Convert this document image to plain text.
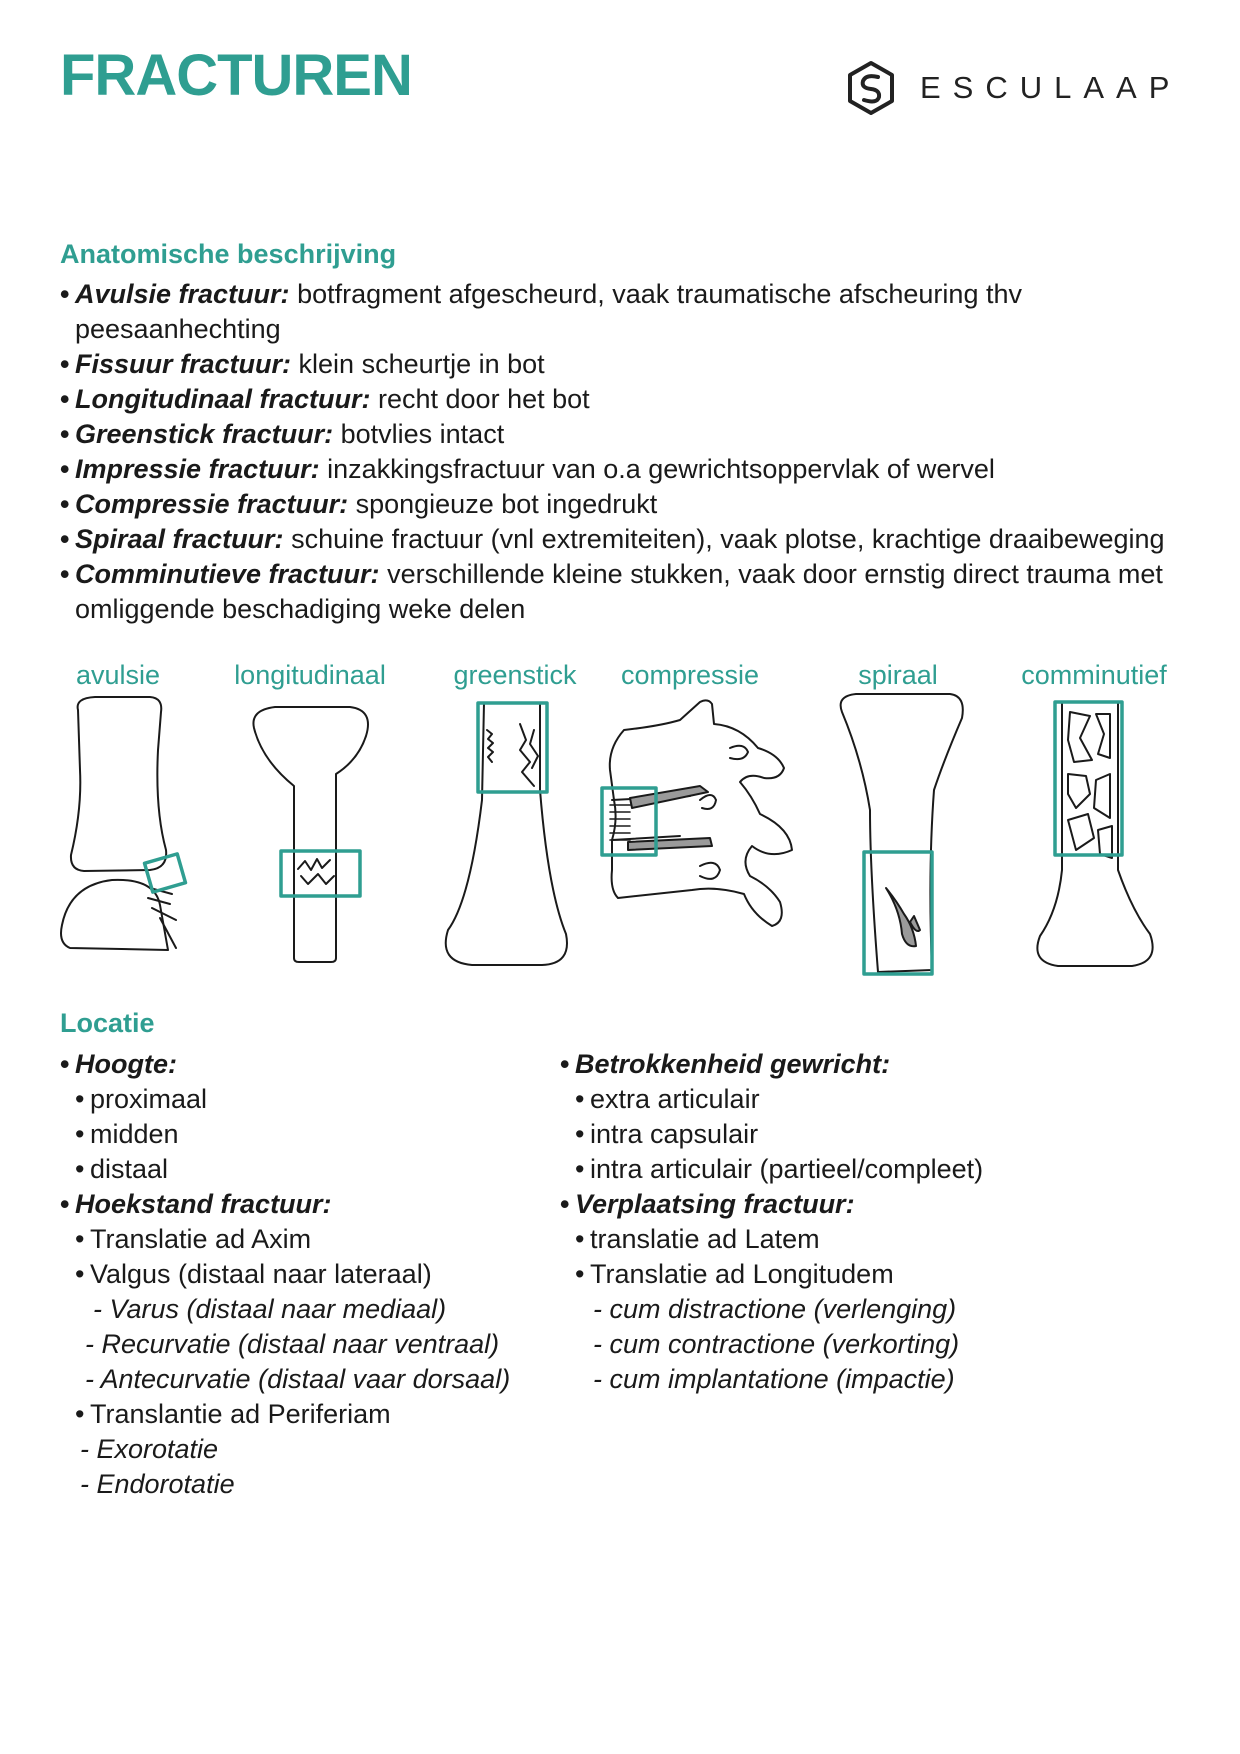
FRACTUREN	ESCULAAP
Anatomische beschrijving
• Avulsie fractuur: botfragment afgescheurd, vaak traumatische afscheuring thv peesaanhechting
• Fissuur fractuur: klein scheurtje in bot
• Longitudinaal fractuur: recht door het bot
• Greenstick fractuur: botvlies intact
• Impressie fractuur: inzakkingsfractuur van o.a gewrichtsoppervlak of wervel
• Compressie fractuur: spongieuze bot ingedrukt
• Spiraal fractuur: schuine fractuur (vnl extremiteiten), vaak plotse, krachtige draaibeweging
• Comminutieve fractuur: verschillende kleine stukken, vaak door ernstig direct trauma met omliggende beschadiging weke delen
avulsie	longitudinaal	greenstick compressie	spiraal	comminutief
Locatie
• Hoogte:
• proximaal
• midden
• distaal
• Hoekstand fractuur:
• Translatie ad Axim
• Valgus (distaal naar lateraal)
- Varus (distaal naar mediaal)
- Recurvatie (distaal naar ventraal)
- Antecurvatie (distaal vaar dorsaal)
• Translantie ad Periferiam
- Exorotatie
- Endorotatie
• Betrokkenheid gewricht:
• extra articulair
• intra capsulair
• intra articulair (partieel/compleet)
• Verplaatsing fractuur:
• translatie ad Latem
• Translatie ad Longitudem
- cum distractione (verlenging)
- cum contractione (verkorting)
- cum implantatione (impactie)
